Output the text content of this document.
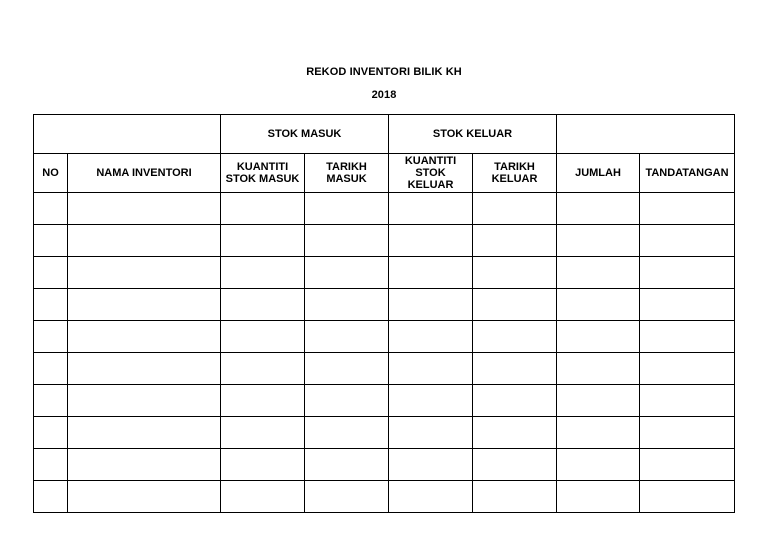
REKOD INVENTORI BILIK KH
2018
		STOK MASUK		STOK KELUAR			
NO	NAMA INVENTORI	KUANTITI STOK MASUK	TARIKH MASUK	KUANTITI STOK KELUAR	TARIKH KELUAR	JUMLAH	TANDATANGAN
